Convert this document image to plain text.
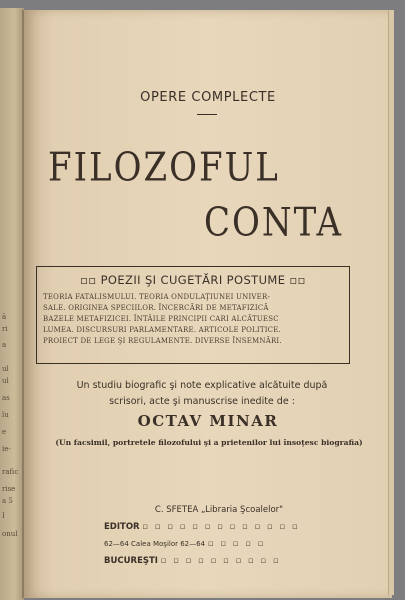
ă
ri
a
ul
ul
as
lu
e
ie-
rafic
rise
a 5
I
onul
OPERE COMPLECTE
FILOZOFUL
CONTA
▫▫ POEZII ŞI CUGETĂRI POSTUME ▫▫
TEORIA FATALISMULUI. TEORIA ONDULAŢIUNEI UNIVER-
SALE. ORIGINEA SPECIILOR. ÎNCERCĂRI DE METAFIZICĂ
BAZELE METAFIZICEI. ÎNTÂILE PRINCIPII CARI ALCĂTUESC
LUMEA. DISCURSURI PARLAMENTARE. ARTICOLE POLITICE.
PROIECT DE LEGE ŞI REGULAMENTE. DIVERSE ÎNSEMNĂRI.
Un studiu biografic şi note explicative alcătuite după
scrisori, acte şi manuscrise inedite de :
OCTAV MINAR
(Un facsimil, portretele filozofului şi a prietenilor lui însoţesc biografia)
C. SFETEA „Libraria Şcoalelor"
EDITOR ▫ ▫ ▫ ▫ ▫ ▫ ▫ ▫ ▫ ▫ ▫ ▫ ▫
62—64 Calea Moşilor 62—64 ▫ ▫ ▫ ▫ ▫
BUCUREŞTI ▫ ▫ ▫ ▫ ▫ ▫ ▫ ▫ ▫ ▫
